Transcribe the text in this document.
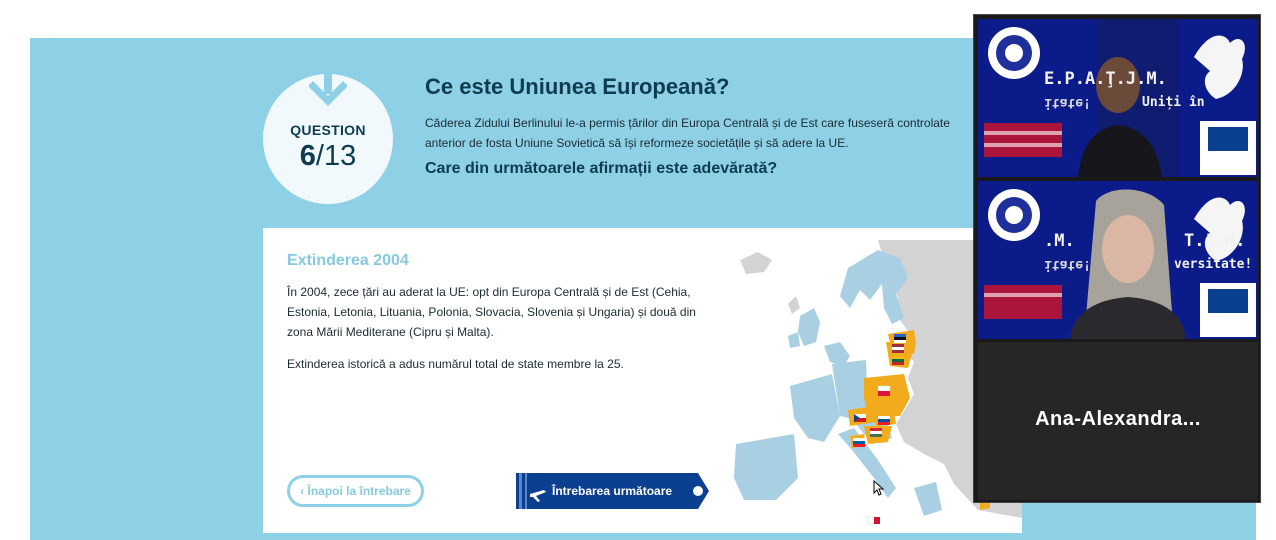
QUESTION
6/13
Ce este Uniunea Europeană?
Căderea Zidului Berlinului le-a permis țărilor din Europa Centrală și de Est care fuseseră controlate anterior de fosta Uniune Sovietică să își reformeze societățile și să adere la UE.
Care din următoarele afirmații este adevărată?
Extinderea 2004
În 2004, zece țări au aderat la UE: opt din Europa Centrală și de Est (Cehia, Estonia, Letonia, Lituania, Polonia, Slovacia, Slovenia și Ungaria) și două din zona Mării Mediterane (Cipru și Malta).
Extinderea istorică a adus numărul total de state membre la 25.
‹ Înapoi la întrebare	Întrebarea următoare
E.P.A.Ţ.J.M.
itate!	Uniți în
.M.	T.J.M.
itate!	versitate!
Ana-Alexandra...
